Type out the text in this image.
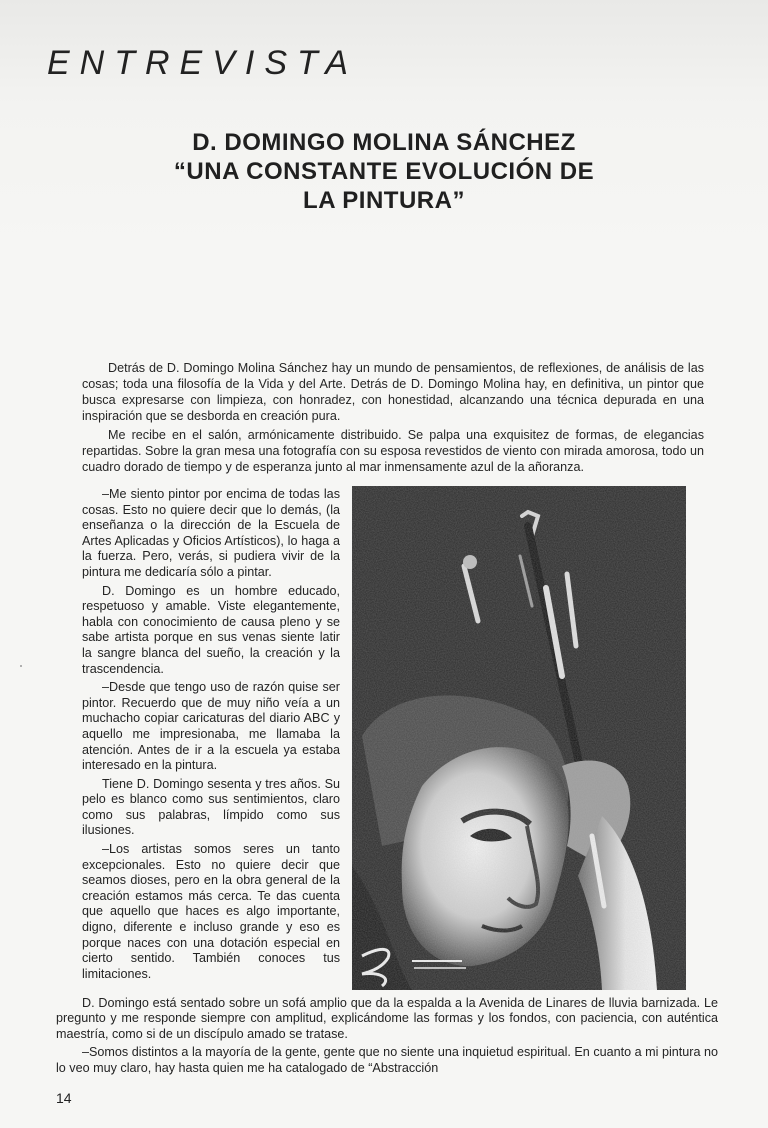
ENTREVISTA
D. DOMINGO MOLINA SÁNCHEZ
“UNA CONSTANTE EVOLUCIÓN DE
LA PINTURA”

Detrás de D. Domingo Molina Sánchez hay un mundo de pensamientos, de reflexiones, de análisis de las cosas; toda una filosofía de la Vida y del Arte. Detrás de D. Domingo Molina hay, en definitiva, un pintor que busca expresarse con limpieza, con honradez, con honestidad, alcanzando una técnica depurada en una inspiración que se desborda en creación pura.

Me recibe en el salón, armónicamente distribuido. Se palpa una exquisitez de formas, de elegancias repartidas. Sobre la gran mesa una fotografía con su esposa revestidos de viento con mirada amorosa, todo un cuadro dorado de tiempo y de esperanza junto al mar inmensamente azul de la añoranza.

–Me siento pintor por encima de todas las cosas. Esto no quiere decir que lo demás, (la enseñanza o la dirección de la Escuela de Artes Aplicadas y Oficios Artísticos), lo haga a la fuerza. Pero, verás, si pudiera vivir de la pintura me dedicaría sólo a pintar.

D. Domingo es un hombre educado, respetuoso y amable. Viste elegantemente, habla con conocimiento de causa pleno y se sabe artista porque en sus venas siente latir la sangre blanca del sueño, la creación y la trascendencia.

–Desde que tengo uso de razón quise ser pintor. Recuerdo que de muy niño veía a un muchacho copiar caricaturas del diario ABC y aquello me impresionaba, me llamaba la atención. Antes de ir a la escuela ya estaba interesado en la pintura.

Tiene D. Domingo sesenta y tres años. Su pelo es blanco como sus sentimientos, claro como sus palabras, límpido como sus ilusiones.

–Los artistas somos seres un tanto excepcionales. Esto no quiere decir que seamos dioses, pero en la obra general de la creación estamos más cerca. Te das cuenta que aquello que haces es algo importante, digno, diferente e incluso grande y eso es porque naces con una dotación especial en cierto sentido. También conoces tus limitaciones.

D. Domingo está sentado sobre un sofá amplio que da la espalda a la Avenida de Linares de lluvia barnizada. Le pregunto y me responde siempre con amplitud, explicándome las formas y los fondos, con paciencia, con auténtica maestría, como si de un discípulo amado se tratase.

–Somos distintos a la mayoría de la gente, gente que no siente una inquietud espiritual. En cuanto a mi pintura no lo veo muy claro, hay hasta quien me ha catalogado de “Abstracción

14
